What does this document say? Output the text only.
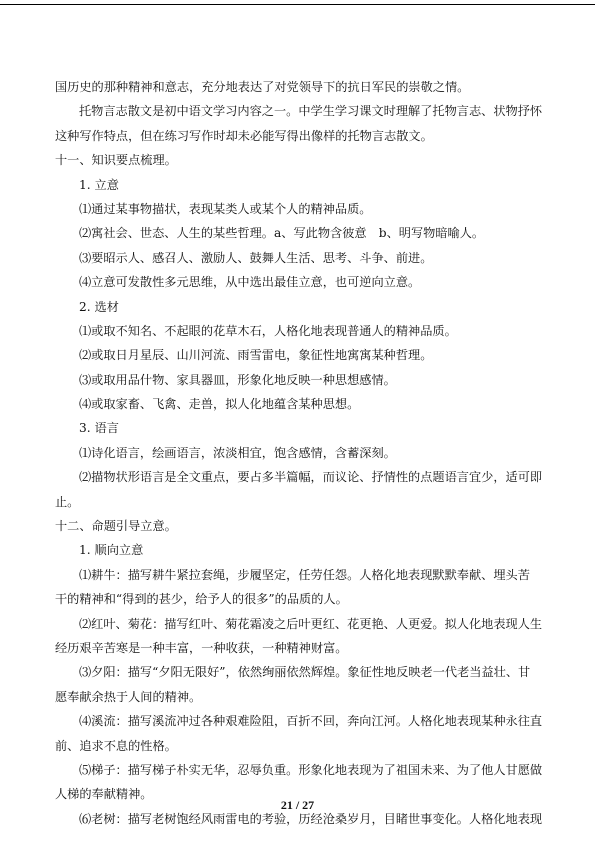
国历史的那种精神和意志，充分地表达了对党领导下的抗日军民的崇敬之情。
托物言志散文是初中语文学习内容之一。中学生学习课文时理解了托物言志、状物抒怀
这种写作特点，但在练习写作时却未必能写得出像样的托物言志散文。
十一、知识要点梳理。
1. 立意
⑴通过某事物描状，表现某类人或某个人的精神品质。
⑵寓社会、世态、人生的某些哲理。a、写此物含彼意　b、明写物暗喻人。
⑶要昭示人、感召人、激励人、鼓舞人生活、思考、斗争、前进。
⑷立意可发散性多元思维，从中选出最佳立意，也可逆向立意。
2. 选材
⑴或取不知名、不起眼的花草木石，人格化地表现普通人的精神品质。
⑵或取日月星辰、山川河流、雨雪雷电，象征性地寓寓某种哲理。
⑶或取用品什物、家具器皿，形象化地反映一种思想感情。
⑷或取家畜、飞禽、走兽，拟人化地蕴含某种思想。
3. 语言
⑴诗化语言，绘画语言，浓淡相宜，饱含感情，含蓄深刻。
⑵描物状形语言是全文重点，要占多半篇幅，而议论、抒情性的点题语言宜少，适可即
止。
十二、命题引导立意。
1. 顺向立意
⑴耕牛：描写耕牛紧拉套绳，步履坚定，任劳任怨。人格化地表现默默奉献、埋头苦
干的精神和“得到的甚少，给予人的很多”的品质的人。
⑵红叶、菊花：描写红叶、菊花霜凌之后叶更红、花更艳、人更爱。拟人化地表现人生
经历艰辛苦寒是一种丰富，一种收获，一种精神财富。
⑶夕阳：描写“夕阳无限好”，依然绚丽依然辉煌。象征性地反映老一代老当益壮、甘
愿奉献余热于人间的精神。
⑷溪流：描写溪流冲过各种艰难险阻，百折不回，奔向江河。人格化地表现某种永往直
前、追求不息的性格。
⑸梯子：描写梯子朴实无华，忍辱负重。形象化地表现为了祖国未来、为了他人甘愿做
人梯的奉献精神。
⑹老树：描写老树饱经风雨雷电的考验，历经沧桑岁月，目睹世事变化。人格化地表现
21 / 27
